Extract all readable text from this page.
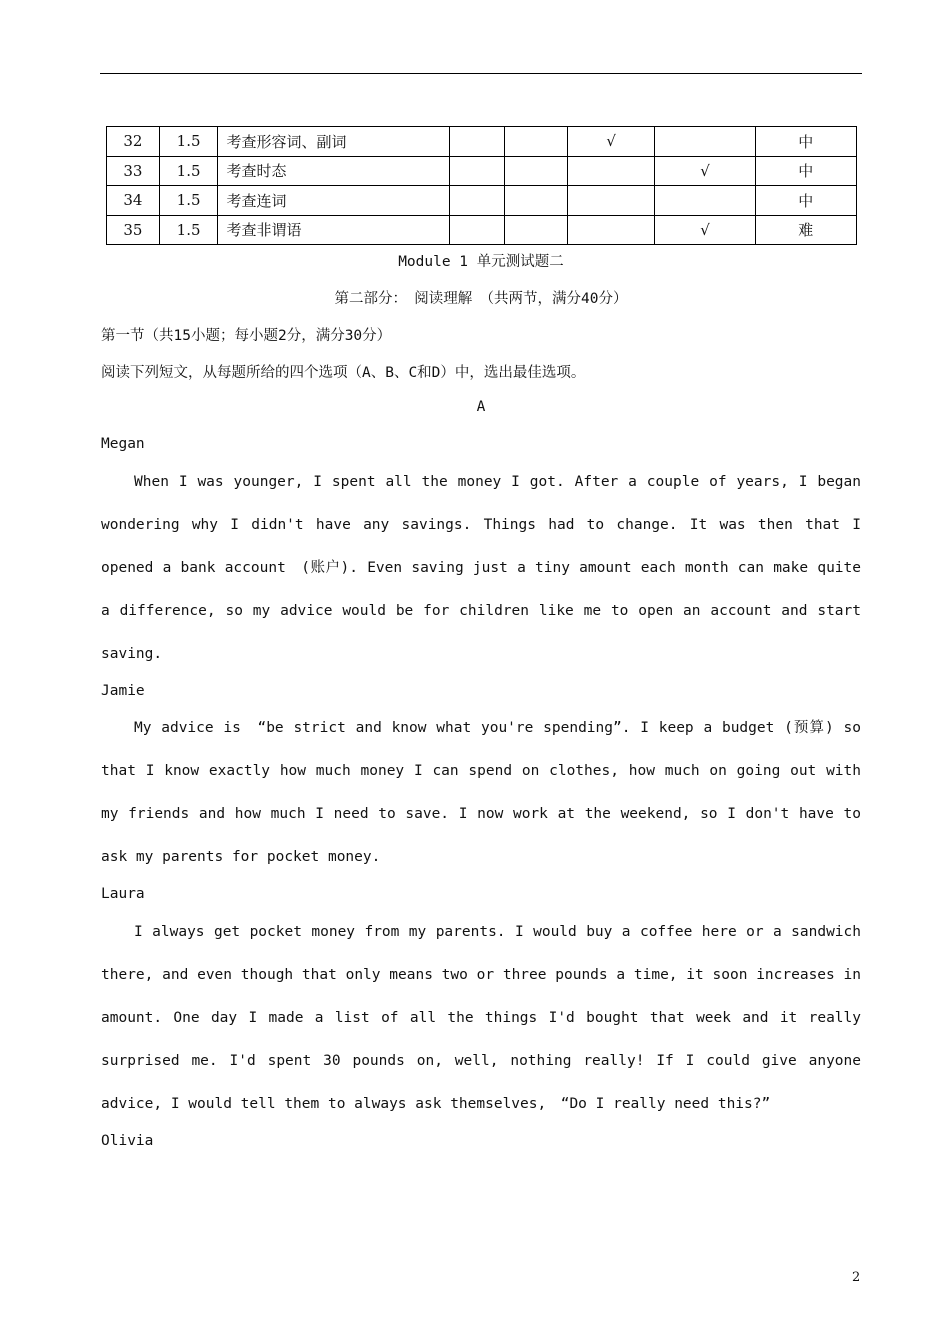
32	1.5	考查形容词、副词			√		中
33	1.5	考查时态				√	中
34	1.5	考查连词					中
35	1.5	考查非谓语				√	难
Module 1 单元测试题二
第二部分：　阅读理解　（共两节，满分40分）
第一节（共15小题；每小题2分，满分30分）
阅读下列短文，从每题所给的四个选项（A、B、C和D）中，选出最佳选项。
A
Megan
When I was younger, I spent all the money I got. After a couple of years, I began wondering why I didn't have any savings. Things had to change. It was then that I opened a bank account　(账户). Even saving just a tiny amount each month can make quite a difference, so my advice would be for children like me to open an account and start saving.
Jamie
My advice is　“be strict and know what you're spending”. I keep a budget (预算) so that I know exactly how much money I can spend on clothes, how much on going out with my friends and how much I need to save. I now work at the weekend, so I don't have to ask my parents for pocket money.
Laura
I always get pocket money from my parents. I would buy a coffee here or a sandwich there, and even though that only means two or three pounds a time, it soon increases in amount. One day I made a list of all the things I'd bought that week and it really surprised me. I'd spent 30 pounds on, well, nothing really! If I could give anyone advice, I would tell them to always ask themselves,　“Do I really need this?”
Olivia
2
